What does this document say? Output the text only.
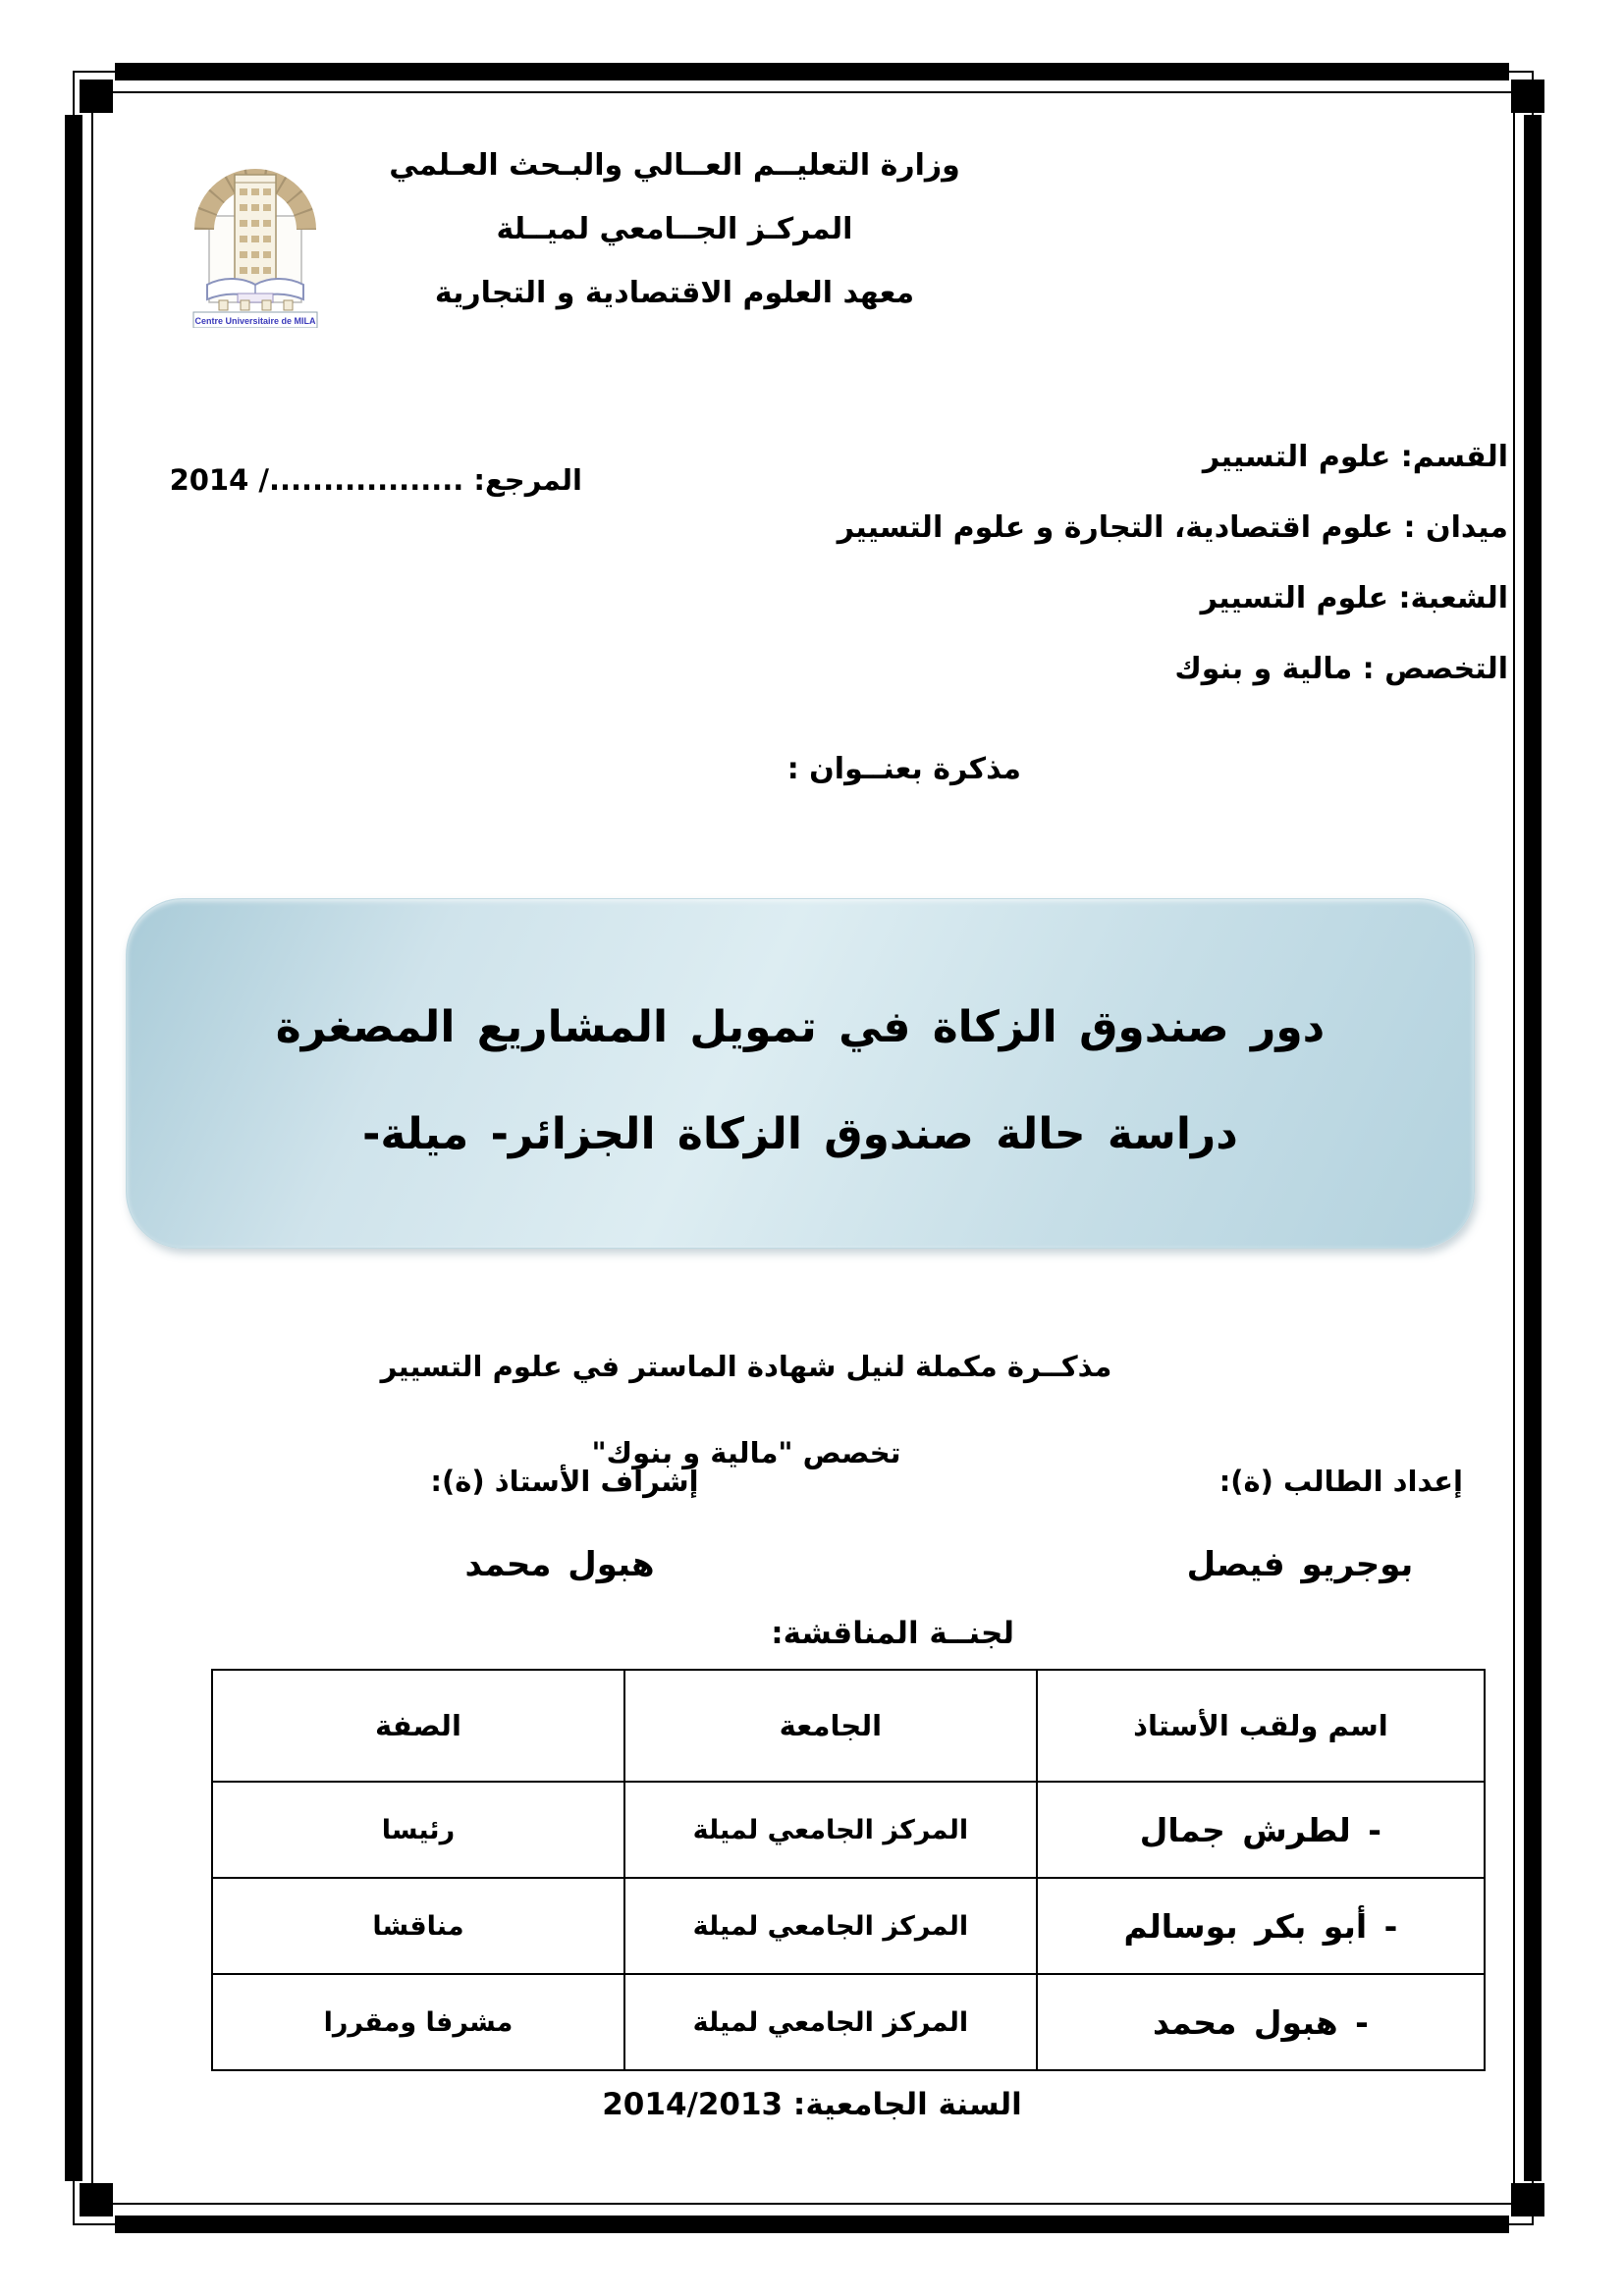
Centre Universitaire de MILA
وزارة التعليــم العــالي والبـحث العـلمي
المركـز الجــامعي لميــلة
معهد العلوم الاقتصادية و التجارية
المرجع: ................../ 2014
القسم: علوم التسيير
ميدان : علوم اقتصادية، التجارة و علوم التسيير
الشعبة: علوم التسيير
التخصص : مالية و بنوك
مذكرة بعنــوان :
دور صندوق الزكاة في تمويل المشاريع المصغرة
دراسة حالة صندوق الزكاة الجزائر- ميلة-
مذكــرة مكملة لنيل شهادة الماستر في علوم التسيير
تخصص "مالية و بنوك"
إعداد الطالب (ة):
إشراف الأستاذ (ة):
بوجريو فيصل
هبول محمد
لجنــة المناقشة:
اسم ولقب الأستاذ	الجامعة	الصفة
- لطرش جمال	المركز الجامعي لميلة	رئيسا
- أبو بكر بوسالم	المركز الجامعي لميلة	مناقشا
- هبول محمد	المركز الجامعي لميلة	مشرفا ومقررا
السنة الجامعية: 2014/2013
